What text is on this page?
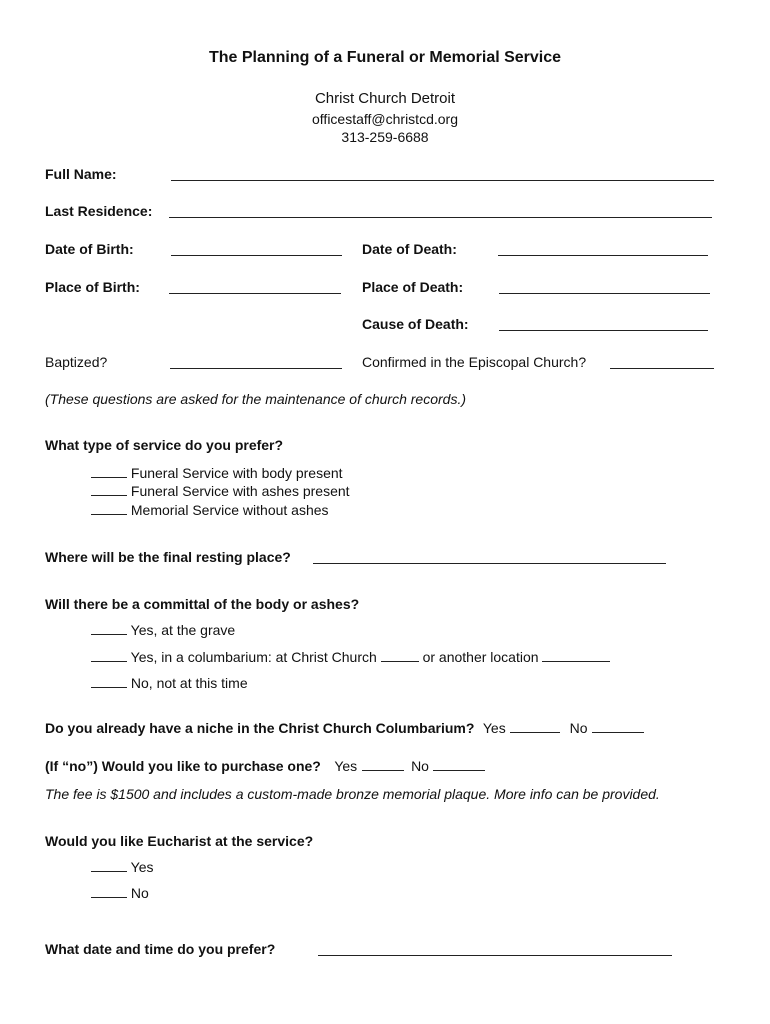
The Planning of a Funeral or Memorial Service
Christ Church Detroit
officestaff@christcd.org
313-259-6688
Full Name:
Last Residence:
Date of Birth:	Date of Death:
Place of Birth:	Place of Death:
Cause of Death:
Baptized?	Confirmed in the Episcopal Church?
(These questions are asked for the maintenance of church records.)
What type of service do you prefer?
Funeral Service with body present
Funeral Service with ashes present
Memorial Service without ashes
Where will be the final resting place?
Will there be a committal of the body or ashes?
Yes, at the grave
Yes, in a columbarium: at Christ Church	or another location
No, not at this time
Do you already have a niche in the Christ Church Columbarium? Yes	No
(If “no”) Would you like to purchase one? Yes	No
The fee is $1500 and includes a custom-made bronze memorial plaque. More info can be provided.
Would you like Eucharist at the service?
Yes
No
What date and time do you prefer?
